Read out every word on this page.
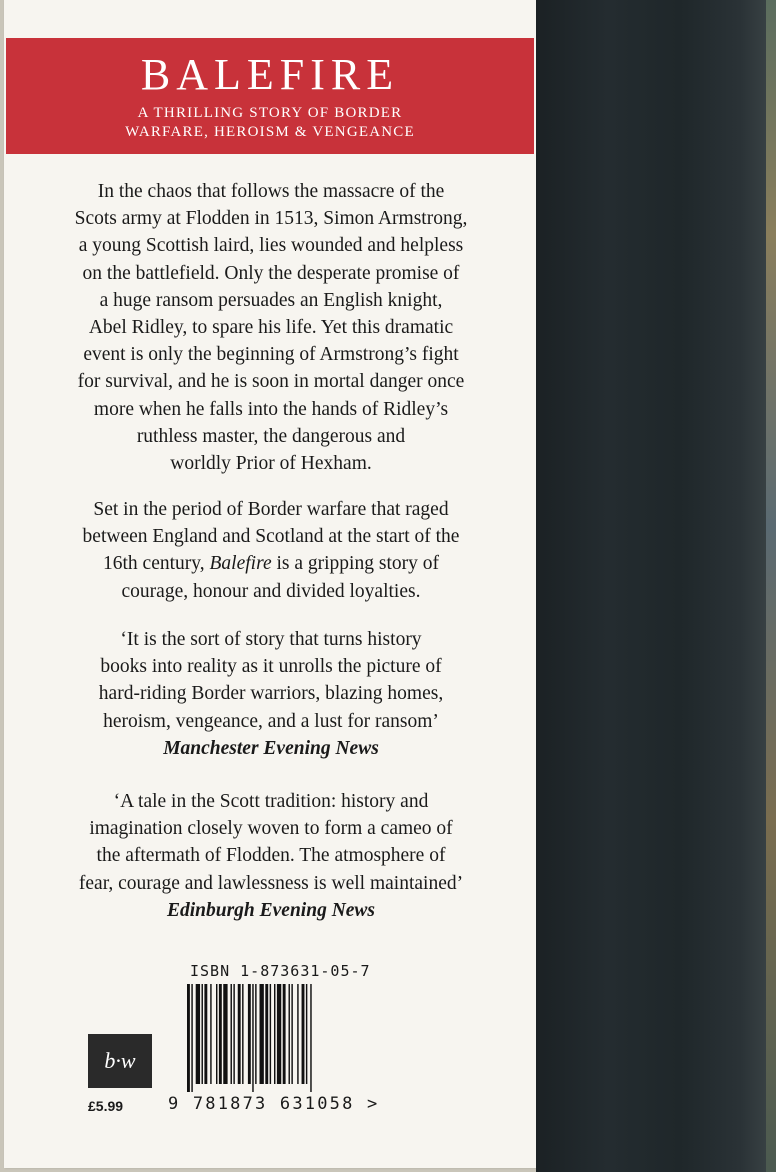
BALEFIRE
A THRILLING STORY OF BORDER
WARFARE, HEROISM & VENGEANCE

In the chaos that follows the massacre of the
Scots army at Flodden in 1513, Simon Armstrong,
a young Scottish laird, lies wounded and helpless
on the battlefield. Only the desperate promise of
a huge ransom persuades an English knight,
Abel Ridley, to spare his life. Yet this dramatic
event is only the beginning of Armstrong’s fight
for survival, and he is soon in mortal danger once
more when he falls into the hands of Ridley’s
ruthless master, the dangerous and
worldly Prior of Hexham.

Set in the period of Border warfare that raged
between England and Scotland at the start of the
16th century, Balefire is a gripping story of
courage, honour and divided loyalties.

‘It is the sort of story that turns history
books into reality as it unrolls the picture of
hard-riding Border warriors, blazing homes,
heroism, vengeance, and a lust for ransom’
Manchester Evening News

‘A tale in the Scott tradition: history and
imagination closely woven to form a cameo of
the aftermath of Flodden. The atmosphere of
fear, courage and lawlessness is well maintained’
Edinburgh Evening News

ISBN 1-873631-05-7
9 781873 631058 >
b·w
£5.99
